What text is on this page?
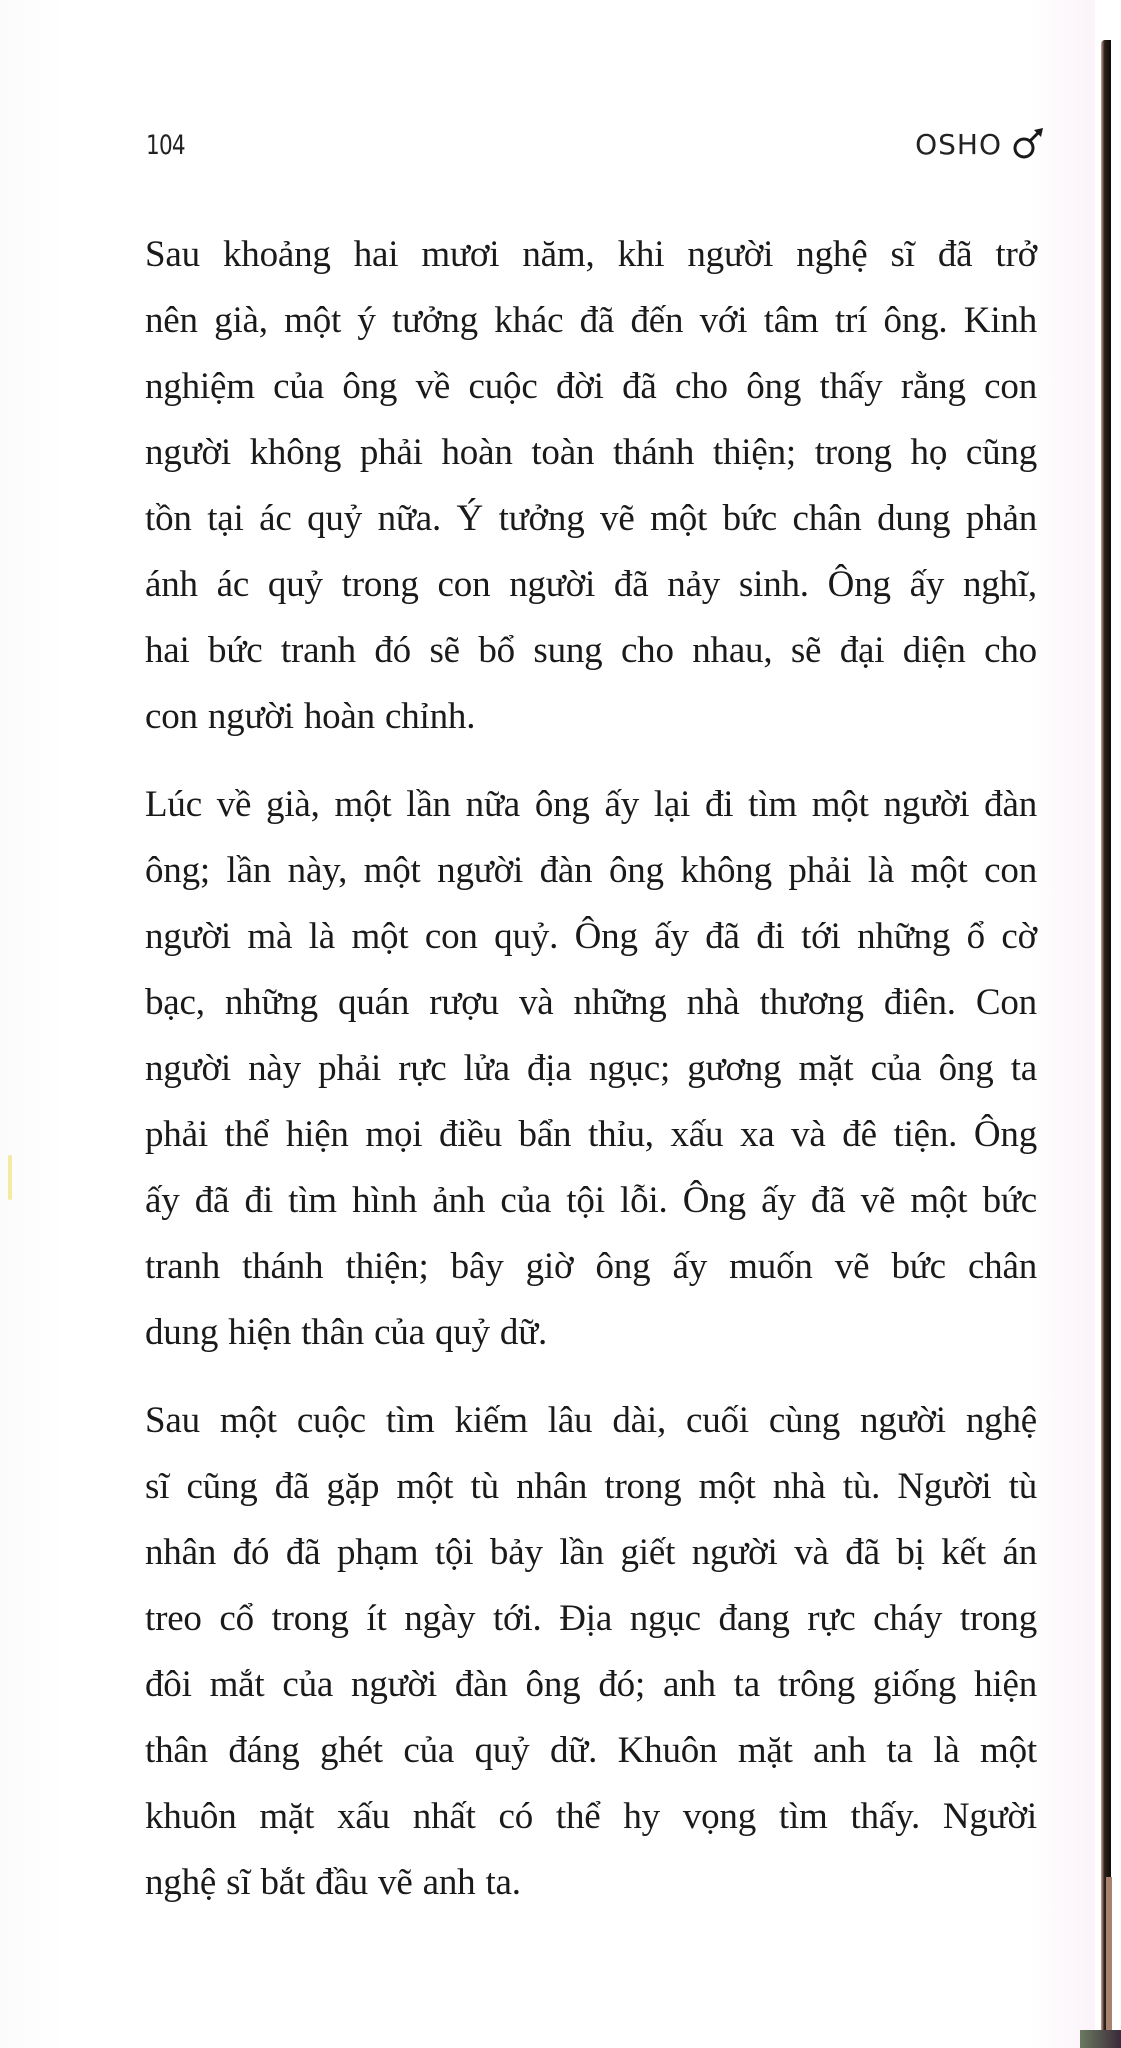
104	OSHO

Sau khoảng hai mươi năm, khi người nghệ sĩ đã trở
nên già, một ý tưởng khác đã đến với tâm trí ông. Kinh
nghiệm của ông về cuộc đời đã cho ông thấy rằng con
người không phải hoàn toàn thánh thiện; trong họ cũng
tồn tại ác quỷ nữa. Ý tưởng vẽ một bức chân dung phản
ánh ác quỷ trong con người đã nảy sinh. Ông ấy nghĩ,
hai bức tranh đó sẽ bổ sung cho nhau, sẽ đại diện cho
con người hoàn chỉnh.

Lúc về già, một lần nữa ông ấy lại đi tìm một người đàn
ông; lần này, một người đàn ông không phải là một con
người mà là một con quỷ. Ông ấy đã đi tới những ổ cờ
bạc, những quán rượu và những nhà thương điên. Con
người này phải rực lửa địa ngục; gương mặt của ông ta
phải thể hiện mọi điều bẩn thỉu, xấu xa và đê tiện. Ông
ấy đã đi tìm hình ảnh của tội lỗi. Ông ấy đã vẽ một bức
tranh thánh thiện; bây giờ ông ấy muốn vẽ bức chân
dung hiện thân của quỷ dữ.

Sau một cuộc tìm kiếm lâu dài, cuối cùng người nghệ
sĩ cũng đã gặp một tù nhân trong một nhà tù. Người tù
nhân đó đã phạm tội bảy lần giết người và đã bị kết án
treo cổ trong ít ngày tới. Địa ngục đang rực cháy trong
đôi mắt của người đàn ông đó; anh ta trông giống hiện
thân đáng ghét của quỷ dữ. Khuôn mặt anh ta là một
khuôn mặt xấu nhất có thể hy vọng tìm thấy. Người
nghệ sĩ bắt đầu vẽ anh ta.
